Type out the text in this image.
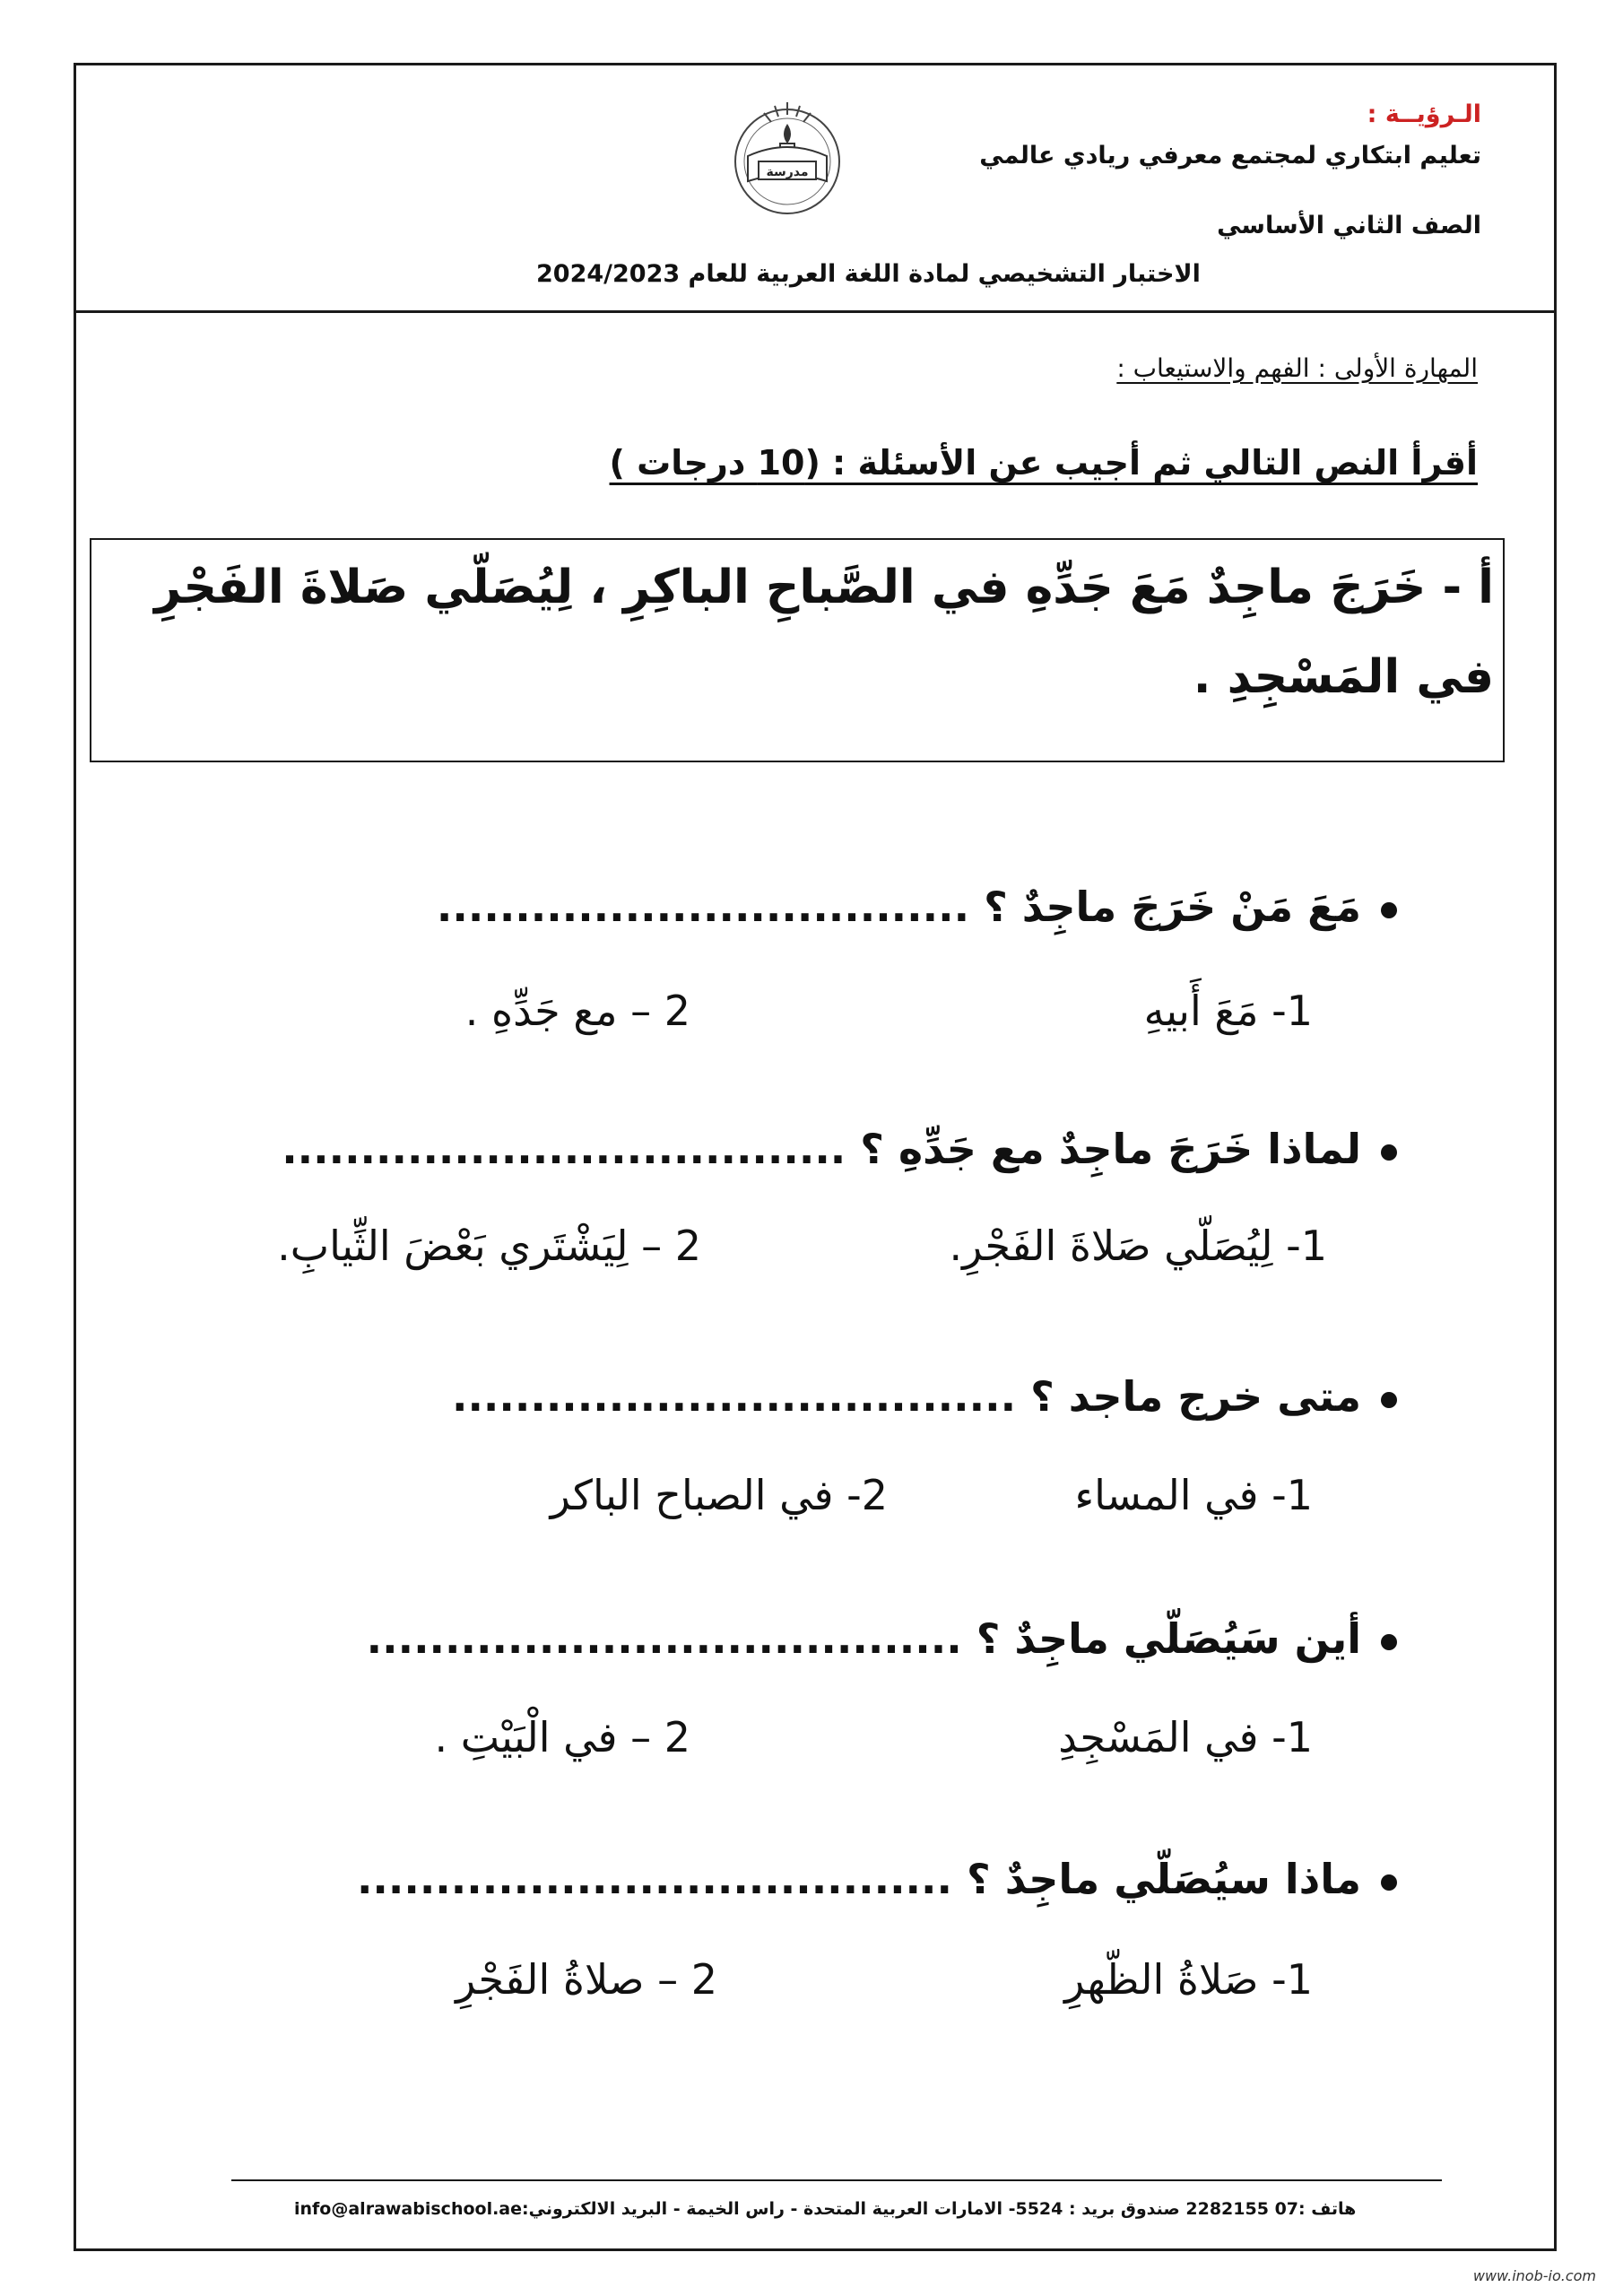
الـرؤيــة :
تعليم ابتكاري لمجتمع معرفي ريادي عالمي
الصف الثاني الأساسي
الاختبار التشخيصي لمادة اللغة العربية للعام 2024/2023
مدرسة
المهارة الأولى : الفهم والاستيعاب :
أقرأ النص التالي ثم أجيب عن الأسئلة : (10 درجات )
أ - خَرَجَ ماجِدٌ مَعَ جَدِّهِ في الصَّباحِ الباكِرِ ، لِيُصَلّي صَلاةَ الفَجْرِ
في المَسْجِدِ .
مَعَ مَنْ خَرَجَ ماجِدٌ ؟ ..................................
1- مَعَ أَبيهِ
2 – مع جَدِّهِ .
لماذا خَرَجَ ماجِدٌ مع جَدِّهِ ؟ ....................................
1- لِيُصَلّي صَلاةَ الفَجْرِ.
2 – لِيَشْتَري بَعْضَ الثِّيابِ.
متى خرج ماجد ؟ ....................................
1- في المساء
2- في الصباح الباكر
أين سَيُصَلّي ماجِدٌ ؟ ......................................
1- في المَسْجِدِ
2 – في الْبَيْتِ .
ماذا سيُصَلّي ماجِدٌ ؟ ......................................
1- صَلاةُ الظّهرِ
2 – صلاةُ الفَجْرِ
هاتف :07 2282155 صندوق بريد : 5524- الامارات العربية المتحدة - راس الخيمة - البريد الالكتروني:info@alrawabischool.ae
www.inob-io.com
